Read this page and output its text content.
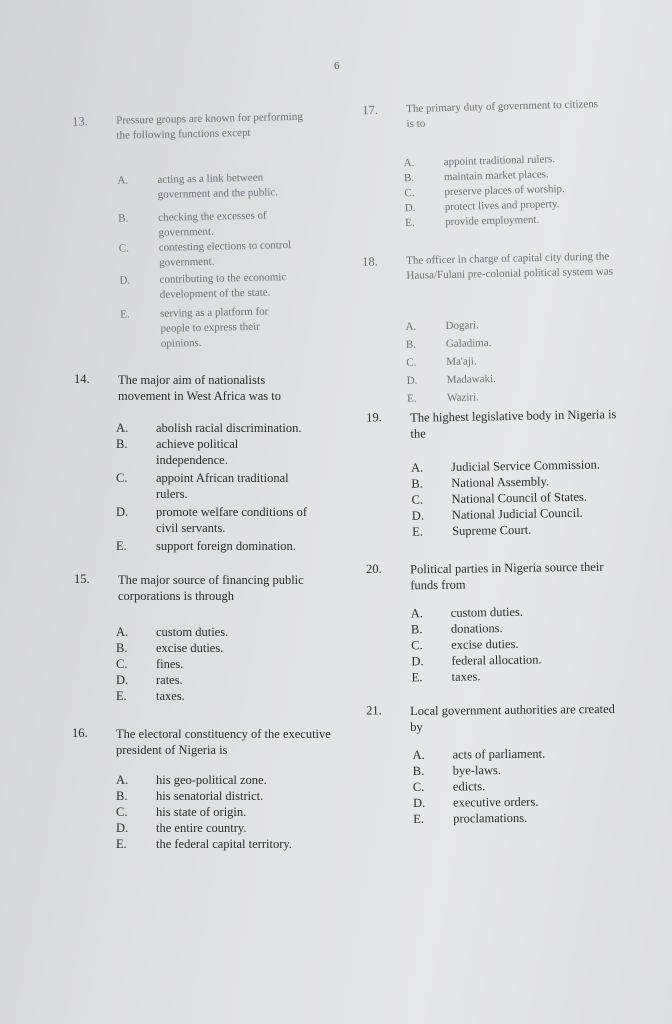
6
13.	Pressure groups are known for performing the following functions except
A.	acting as a link between government and the public.
B.	checking the excesses of government.
C.	contesting elections to control government.
D.	contributing to the economic development of the state.
E.	serving as a platform for people to express their opinions.
14. The major aim of nationalists movement in West Africa was to
A. abolish racial discrimination.
B. achieve political independence.
C. appoint African traditional rulers.
D. promote welfare conditions of civil servants.
E. support foreign domination.
15. The major source of financing public corporations is through
A. custom duties.
B. excise duties.
C. fines.
D. rates.
E. taxes.
16. The electoral constituency of the executive president of Nigeria is
A. his geo-political zone.
B. his senatorial district.
C. his state of origin.
D. the entire country.
E. the federal capital territory.
17.	The primary duty of government to citizens is to
A.	appoint traditional rulers.
B.	maintain market places.
C.	preserve places of worship.
D.	protect lives and property.
E.	provide employment.
18.	The officer in charge of capital city during the Hausa/Fulani pre-colonial political system was
A.	Dogari.
B.	Galadima.
C.	Ma'aji.
D.	Madawaki.
E.	Waziri.
19. The highest legislative body in Nigeria is the
A. Judicial Service Commission.
B. National Assembly.
C. National Council of States.
D. National Judicial Council.
E. Supreme Court.
20. Political parties in Nigeria source their funds from
A. custom duties.
B. donations.
C. excise duties.
D. federal allocation.
E. taxes.
21. Local government authorities are created by
A. acts of parliament.
B. bye-laws.
C. edicts.
D. executive orders.
E. proclamations.
